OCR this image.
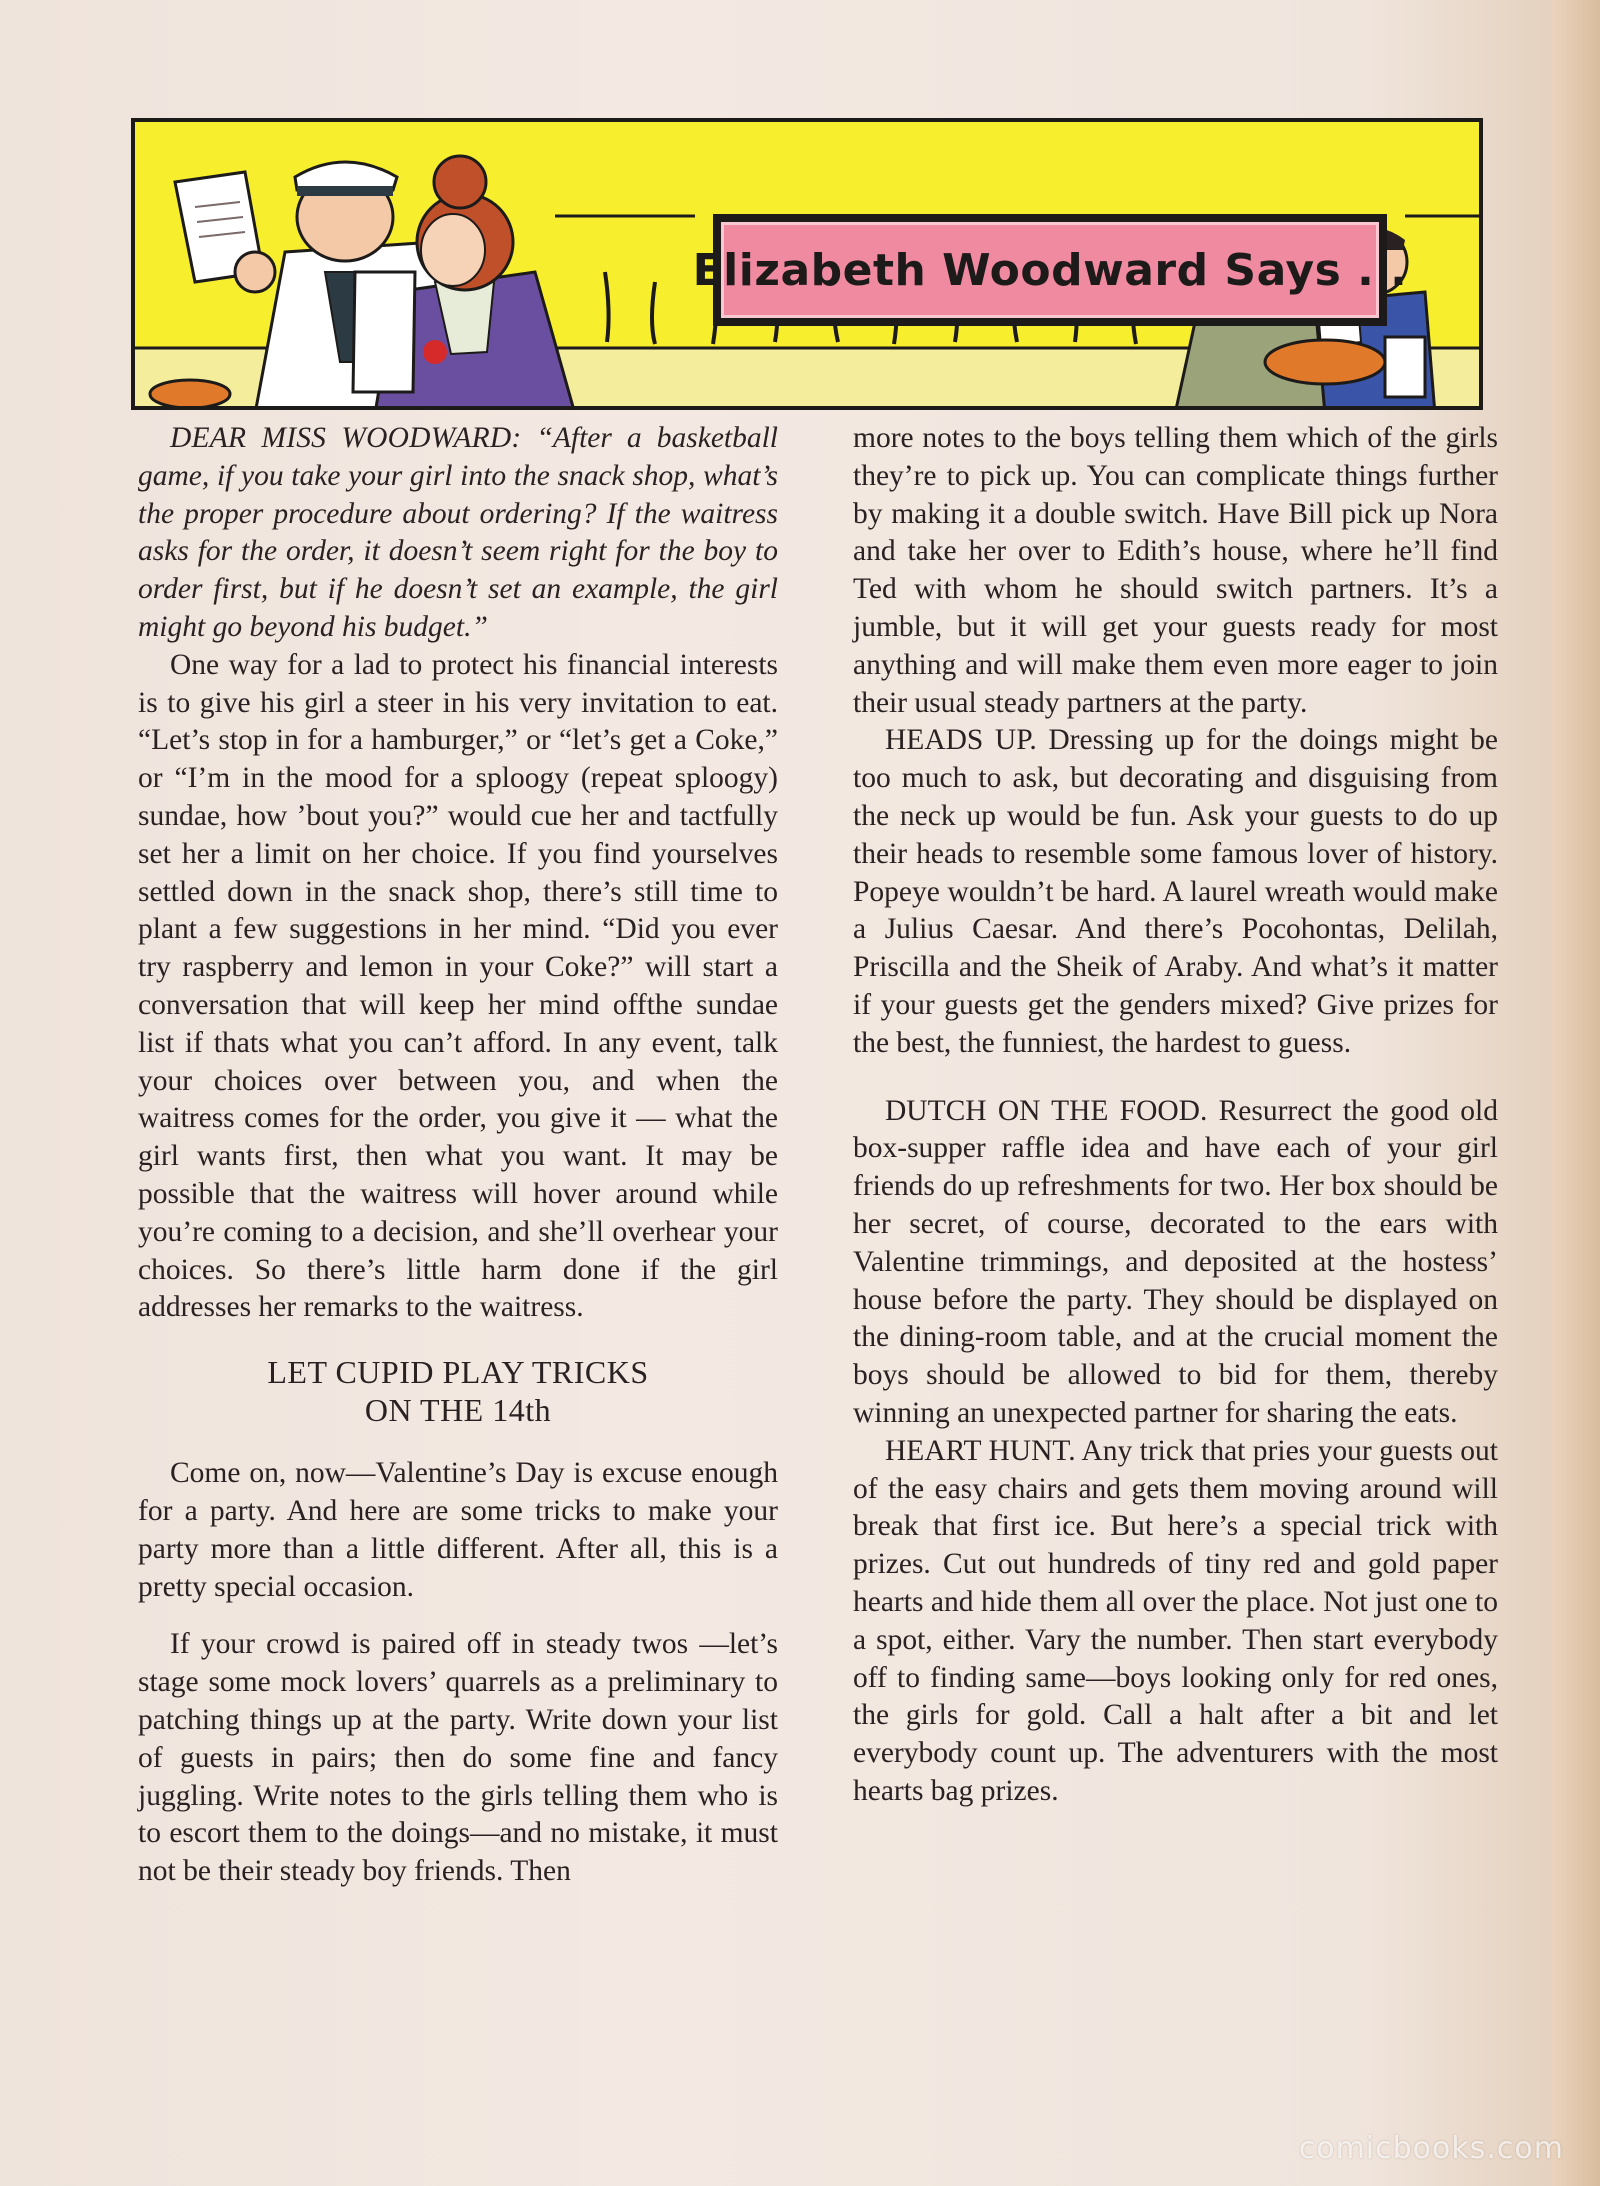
Elizabeth Woodward Says . .

DEAR MISS WOODWARD: “After a basketball game, if you take your girl into the snack shop, what’s the proper procedure about ordering? If the waitress asks for the order, it doesn’t seem right for the boy to order first, but if he doesn’t set an example, the girl might go beyond his budget.”

One way for a lad to protect his financial interests is to give his girl a steer in his very invitation to eat. “Let’s stop in for a hamburger,” or “let’s get a Coke,” or “I’m in the mood for a sploogy (repeat sploogy) sundae, how ’bout you?” would cue her and tactfully set her a limit on her choice. If you find yourselves settled down in the snack shop, there’s still time to plant a few suggestions in her mind. “Did you ever try raspberry and lemon in your Coke?” will start a conversation that will keep her mind offthe sundae list if thats what you can’t afford. In any event, talk your choices over between you, and when the waitress comes for the order, you give it — what the girl wants first, then what you want. It may be possible that the waitress will hover around while you’re coming to a decision, and she’ll overhear your choices. So there’s little harm done if the girl addresses her remarks to the waitress.

LET CUPID PLAY TRICKS
ON THE 14th

Come on, now—Valentine’s Day is excuse enough for a party. And here are some tricks to make your party more than a little different. After all, this is a pretty special occasion.

If your crowd is paired off in steady twos —let’s stage some mock lovers’ quarrels as a preliminary to patching things up at the party. Write down your list of guests in pairs; then do some fine and fancy juggling. Write notes to the girls telling them who is to escort them to the doings—and no mistake, it must not be their steady boy friends. Then

more notes to the boys telling them which of the girls they’re to pick up. You can complicate things further by making it a double switch. Have Bill pick up Nora and take her over to Edith’s house, where he’ll find Ted with whom he should switch partners. It’s a jumble, but it will get your guests ready for most anything and will make them even more eager to join their usual steady partners at the party.

HEADS UP. Dressing up for the doings might be too much to ask, but decorating and disguising from the neck up would be fun. Ask your guests to do up their heads to resemble some famous lover of history. Popeye wouldn’t be hard. A laurel wreath would make a Julius Caesar. And there’s Pocohontas, Delilah, Priscilla and the Sheik of Araby. And what’s it matter if your guests get the genders mixed? Give prizes for the best, the funniest, the hardest to guess.

DUTCH ON THE FOOD. Resurrect the good old box-supper raffle idea and have each of your girl friends do up refreshments for two. Her box should be her secret, of course, decorated to the ears with Valentine trimmings, and deposited at the hostess’ house before the party. They should be displayed on the dining-room table, and at the crucial moment the boys should be allowed to bid for them, thereby winning an unexpected partner for sharing the eats.

HEART HUNT. Any trick that pries your guests out of the easy chairs and gets them moving around will break that first ice. But here’s a special trick with prizes. Cut out hundreds of tiny red and gold paper hearts and hide them all over the place. Not just one to a spot, either. Vary the number. Then start everybody off to finding same—boys looking only for red ones, the girls for gold. Call a halt after a bit and let everybody count up. The adventurers with the most hearts bag prizes.

comicbooks.com
